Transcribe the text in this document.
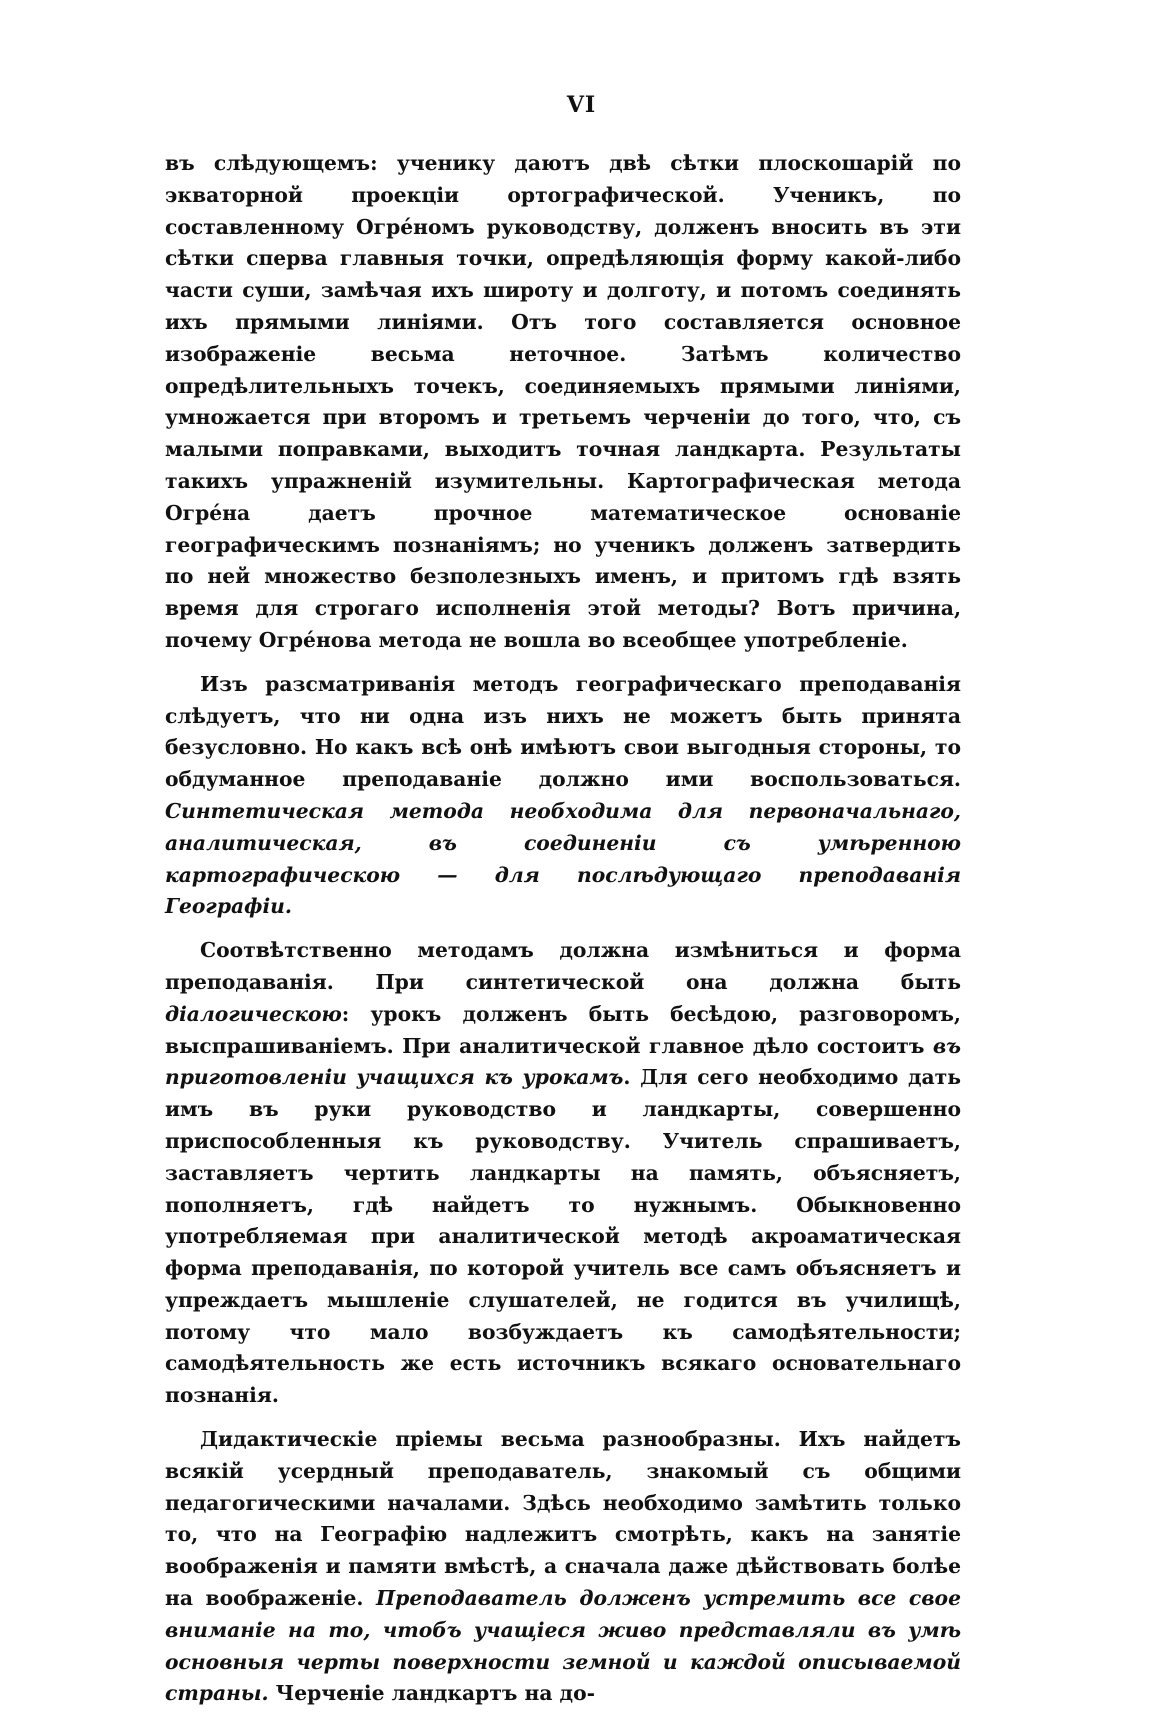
VI

въ слѣдующемъ: ученику даютъ двѣ сѣтки плоскошарій по экваторной проекціи ортографической. Ученикъ, по составленному Огрéномъ руководству, долженъ вносить въ эти сѣтки сперва главныя точки, опредѣляющія форму какой-либо части суши, замѣчая ихъ широту и долготу, и потомъ соединять ихъ прямыми линіями. Отъ того составляется основное изображеніе весьма неточное. Затѣмъ количество опредѣлительныхъ точекъ, соединяемыхъ прямыми линіями, умножается при второмъ и третьемъ черченіи до того, что, съ малыми поправками, выходитъ точная ландкарта. Результаты такихъ упражненій изумительны. Картографическая метода Огрéна даетъ прочное математическое основаніе географическимъ познаніямъ; но ученикъ долженъ затвердить по ней множество безполезныхъ именъ, и притомъ гдѣ взять время для строгаго исполненія этой методы? Вотъ причина, почему Огрéнова метода не вошла во всеобщее употребленіе.

Изъ разсматриванія методъ географическаго преподаванія слѣдуетъ, что ни одна изъ нихъ не можетъ быть принята безусловно. Но какъ всѣ онѣ имѣютъ свои выгодныя стороны, то обдуманное преподаваніе должно ими воспользоваться. Синтетическая метода необходима для первоначальнаго, аналитическая, въ соединеніи съ умѣренною картографическою — для послѣдующаго преподаванія Географіи.

Соотвѣтственно методамъ должна измѣниться и форма преподаванія. При синтетической она должна быть діалогическою: урокъ долженъ быть бесѣдою, разговоромъ, выспрашиваніемъ. При аналитической главное дѣло состоитъ въ приготовленіи учащихся къ урокамъ. Для сего необходимо дать имъ въ руки руководство и ландкарты, совершенно приспособленныя къ руководству. Учитель спрашиваетъ, заставляетъ чертить ландкарты на память, объясняетъ, пополняетъ, гдѣ найдетъ то нужнымъ. Обыкновенно употребляемая при аналитической методѣ акроаматическая форма преподаванія, по которой учитель все самъ объясняетъ и упреждаетъ мышленіе слушателей, не годится въ училищѣ, потому что мало возбуждаетъ къ самодѣятельности; самодѣятельность же есть источникъ всякаго основательнаго познанія.

Дидактическіе пріемы весьма разнообразны. Ихъ найдетъ всякій усердный преподаватель, знакомый съ общими педагогическими началами. Здѣсь необходимо замѣтить только то, что на Географію надлежитъ смотрѣть, какъ на занятіе воображенія и памяти вмѣстѣ, а сначала даже дѣйствовать болѣе на воображеніе. Преподаватель долженъ устремить все свое вниманіе на то, чтобъ учащіеся живо представляли въ умѣ основныя черты поверхности земной и каждой описываемой страны. Черченіе ландкартъ на до-
